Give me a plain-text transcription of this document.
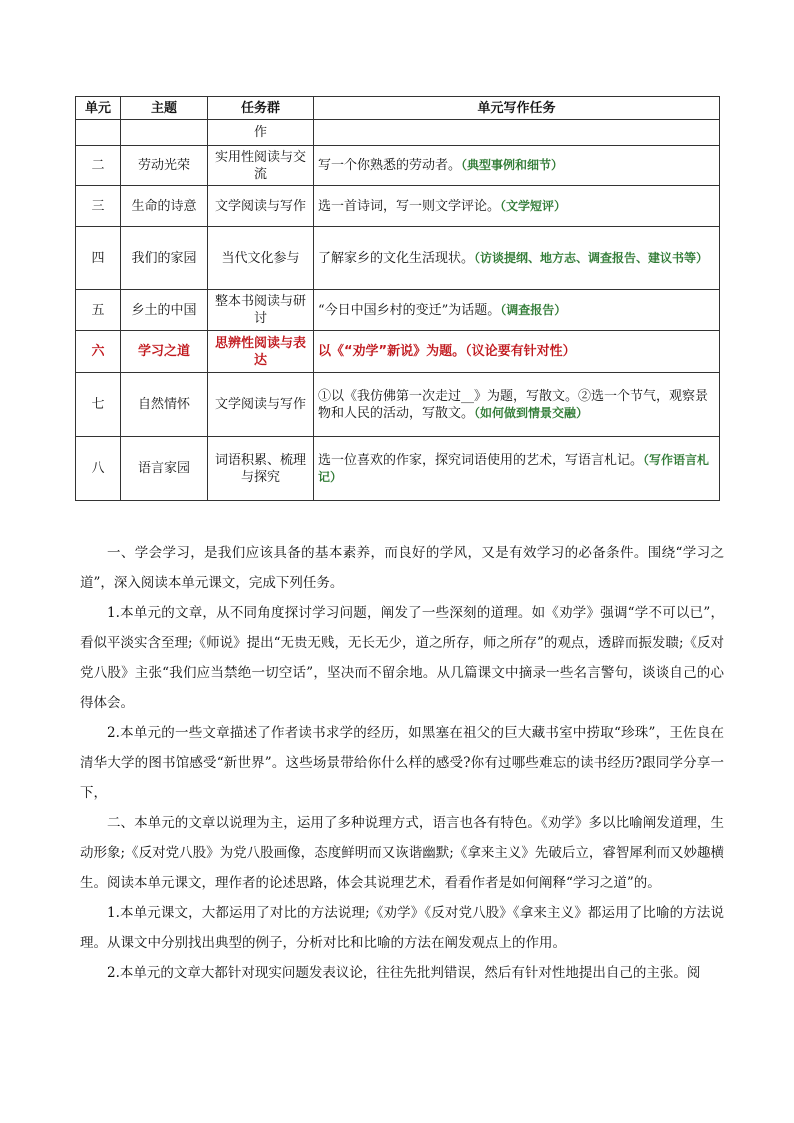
单元	主题	任务群	单元写作任务
		作	
二	劳动光荣	实用性阅读与交流	写一个你熟悉的劳动者。（典型事例和细节）
三	生命的诗意	文学阅读与写作	选一首诗词，写一则文学评论。（文学短评）
四	我们的家园	当代文化参与	了解家乡的文化生活现状。（访谈提纲、地方志、调查报告、建议书等）
五	乡土的中国	整本书阅读与研讨	“今日中国乡村的变迁”为话题。（调查报告）
六	学习之道	思辨性阅读与表达	以《“劝学”新说》为题。（议论要有针对性）
七	自然情怀	文学阅读与写作	①以《我仿佛第一次走过__》为题，写散文。②选一个节气，观察景物和人民的活动，写散文。（如何做到情景交融）
八	语言家园	词语积累、梳理与探究	选一位喜欢的作家，探究词语使用的艺术，写语言札记。（写作语言札记）

一、学会学习，是我们应该具备的基本素养，而良好的学风，又是有效学习的必备条件。围绕“学习之道”，深入阅读本单元课文，完成下列任务。

1.本单元的文章，从不同角度探讨学习问题，阐发了一些深刻的道理。如《劝学》强调“学不可以已”，看似平淡实含至理;《师说》提出“无贵无贱，无长无少，道之所存，师之所存”的观点，透辟而振发聩;《反对党八股》主张“我们应当禁绝一切空话”，坚决而不留余地。从几篇课文中摘录一些名言警句，谈谈自己的心得体会。

2.本单元的一些文章描述了作者读书求学的经历，如黑塞在祖父的巨大藏书室中捞取“珍珠”，王佐良在清华大学的图书馆感受“新世界”。这些场景带给你什么样的感受?你有过哪些难忘的读书经历?跟同学分享一下，

二、本单元的文章以说理为主，运用了多种说理方式，语言也各有特色。《劝学》多以比喻阐发道理，生动形象;《反对党八股》为党八股画像，态度鲜明而又诙谐幽默;《拿来主义》先破后立，睿智犀利而又妙趣横生。阅读本单元课文，理作者的论述思路，体会其说理艺术，看看作者是如何阐释“学习之道”的。

1.本单元课文，大都运用了对比的方法说理;《劝学》《反对党八股》《拿来主义》都运用了比喻的方法说理。从课文中分别找出典型的例子，分析对比和比喻的方法在阐发观点上的作用。

2.本单元的文章大都针对现实问题发表议论，往往先批判错误，然后有针对性地提出自己的主张。阅
